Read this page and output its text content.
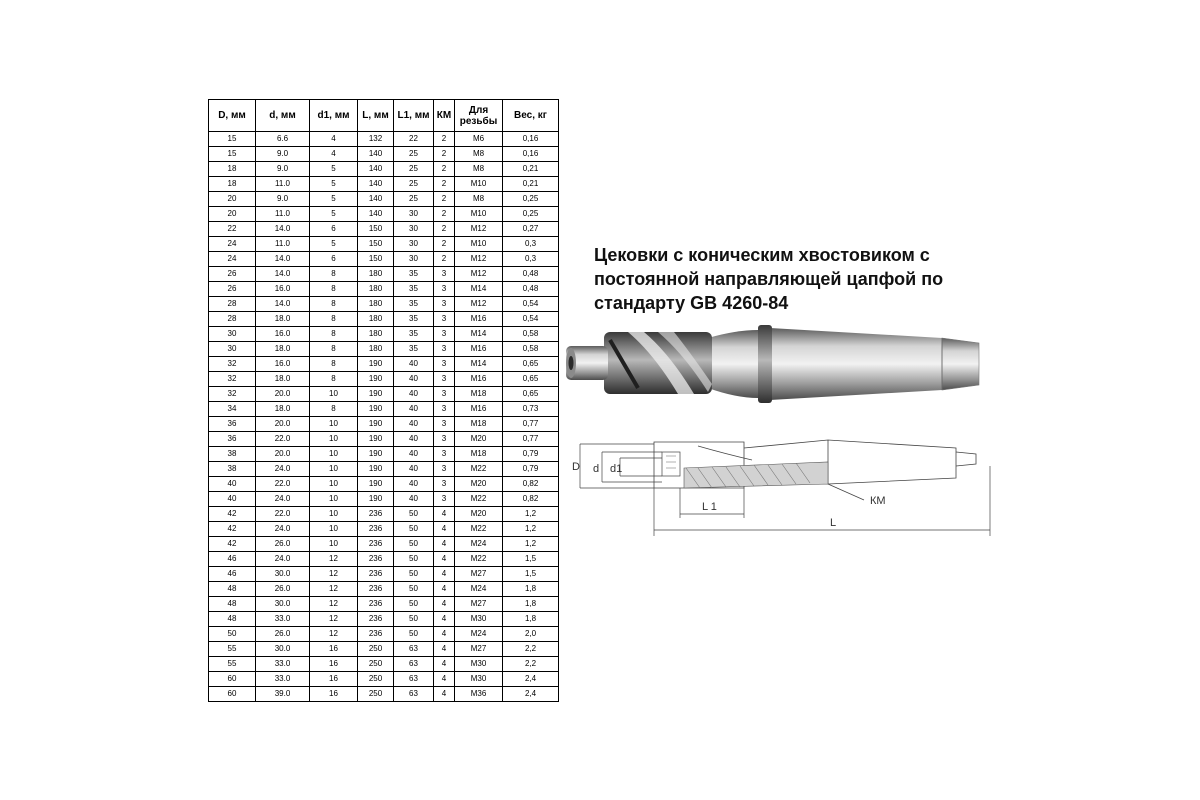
D, мм	d, мм	d1, мм	L, мм	L1, мм	КМ	Для резьбы	Вес, кг
15	6.6	4	132	22	2	M6	0,16
15	9.0	4	140	25	2	M8	0,16
18	9.0	5	140	25	2	M8	0,21
18	11.0	5	140	25	2	M10	0,21
20	9.0	5	140	25	2	M8	0,25
20	11.0	5	140	30	2	M10	0,25
22	14.0	6	150	30	2	M12	0,27
24	11.0	5	150	30	2	M10	0,3
24	14.0	6	150	30	2	M12	0,3
26	14.0	8	180	35	3	M12	0,48
26	16.0	8	180	35	3	M14	0,48
28	14.0	8	180	35	3	M12	0,54
28	18.0	8	180	35	3	M16	0,54
30	16.0	8	180	35	3	M14	0,58
30	18.0	8	180	35	3	M16	0,58
32	16.0	8	190	40	3	M14	0,65
32	18.0	8	190	40	3	M16	0,65
32	20.0	10	190	40	3	M18	0,65
34	18.0	8	190	40	3	M16	0,73
36	20.0	10	190	40	3	M18	0,77
36	22.0	10	190	40	3	M20	0,77
38	20.0	10	190	40	3	M18	0,79
38	24.0	10	190	40	3	M22	0,79
40	22.0	10	190	40	3	M20	0,82
40	24.0	10	190	40	3	M22	0,82
42	22.0	10	236	50	4	M20	1,2
42	24.0	10	236	50	4	M22	1,2
42	26.0	10	236	50	4	M24	1,2
46	24.0	12	236	50	4	M22	1,5
46	30.0	12	236	50	4	M27	1,5
48	26.0	12	236	50	4	M24	1,8
48	30.0	12	236	50	4	M27	1,8
48	33.0	12	236	50	4	M30	1,8
50	26.0	12	236	50	4	M24	2,0
55	30.0	16	250	63	4	M27	2,2
55	33.0	16	250	63	4	M30	2,2
60	33.0	16	250	63	4	M30	2,4
60	39.0	16	250	63	4	M36	2,4

Цековки с коническим хвостовиком с постоянной направляющей цапфой по стандарту GB 4260-84

D d d1
L 1
L
КМ
